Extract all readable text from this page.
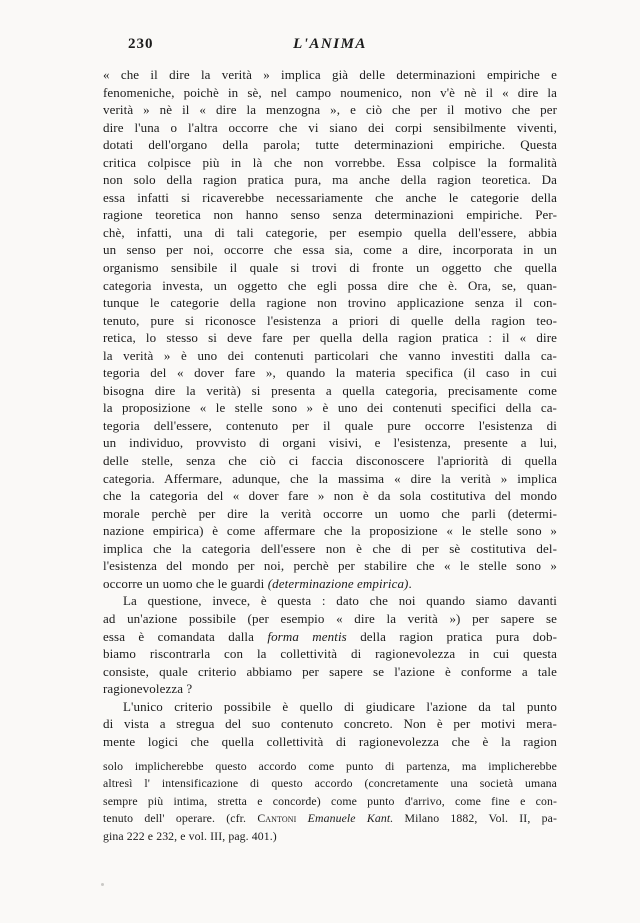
230	L'ANIMA
« che il dire la verità » implica già delle determinazioni empiriche e
fenomeniche, poichè in sè, nel campo noumenico, non v'è nè il « dire la
verità » nè il « dire la menzogna », e ciò che per il motivo che per
dire l'una o l'altra occorre che vi siano dei corpi sensibilmente viventi,
dotati dell'organo della parola; tutte determinazioni empiriche. Questa
critica colpisce più in là che non vorrebbe. Essa colpisce la formalità
non solo della ragion pratica pura, ma anche della ragion teoretica. Da
essa infatti si ricaverebbe necessariamente che anche le categorie della
ragione teoretica non hanno senso senza determinazioni empiriche. Per-
chè, infatti, una di tali categorie, per esempio quella dell'essere, abbia
un senso per noi, occorre che essa sia, come a dire, incorporata in un
organismo sensibile il quale si trovi di fronte un oggetto che quella
categoria investa, un oggetto che egli possa dire che è. Ora, se, quan-
tunque le categorie della ragione non trovino applicazione senza il con-
tenuto, pure si riconosce l'esistenza a priori di quelle della ragion teo-
retica, lo stesso si deve fare per quella della ragion pratica : il « dire
la verità » è uno dei contenuti particolari che vanno investiti dalla ca-
tegoria del « dover fare », quando la materia specifica (il caso in cui
bisogna dire la verità) si presenta a quella categoria, precisamente come
la proposizione « le stelle sono » è uno dei contenuti specifici della ca-
tegoria dell'essere, contenuto per il quale pure occorre l'esistenza di
un individuo, provvisto di organi visivi, e l'esistenza, presente a lui,
delle stelle, senza che ciò ci faccia disconoscere l'apriorità di quella
categoria. Affermare, adunque, che la massima « dire la verità » implica
che la categoria del « dover fare » non è da sola costitutiva del mondo
morale perchè per dire la verità occorre un uomo che parli (determi-
nazione empirica) è come affermare che la proposizione « le stelle sono »
implica che la categoria dell'essere non è che di per sè costitutiva del-
l'esistenza del mondo per noi, perchè per stabilire che « le stelle sono »
occorre un uomo che le guardi (determinazione empirica).
La questione, invece, è questa : dato che noi quando siamo davanti
ad un'azione possibile (per esempio « dire la verità ») per sapere se
essa è comandata dalla forma mentis della ragion pratica pura dob-
biamo riscontrarla con la collettività di ragionevolezza in cui questa
consiste, quale criterio abbiamo per sapere se l'azione è conforme a tale
ragionevolezza ?
L'unico criterio possibile è quello di giudicare l'azione da tal punto
di vista a stregua del suo contenuto concreto. Non è per motivi mera-
mente logici che quella collettività di ragionevolezza che è la ragion
solo implicherebbe questo accordo come punto di partenza, ma implicherebbe
altresì l' intensificazione di questo accordo (concretamente una società umana
sempre più intima, stretta e concorde) come punto d'arrivo, come fine e con-
tenuto dell' operare. (cfr. Cantoni Emanuele Kant. Milano 1882, Vol. II, pa-
gina 222 e 232, e vol. III, pag. 401.)
